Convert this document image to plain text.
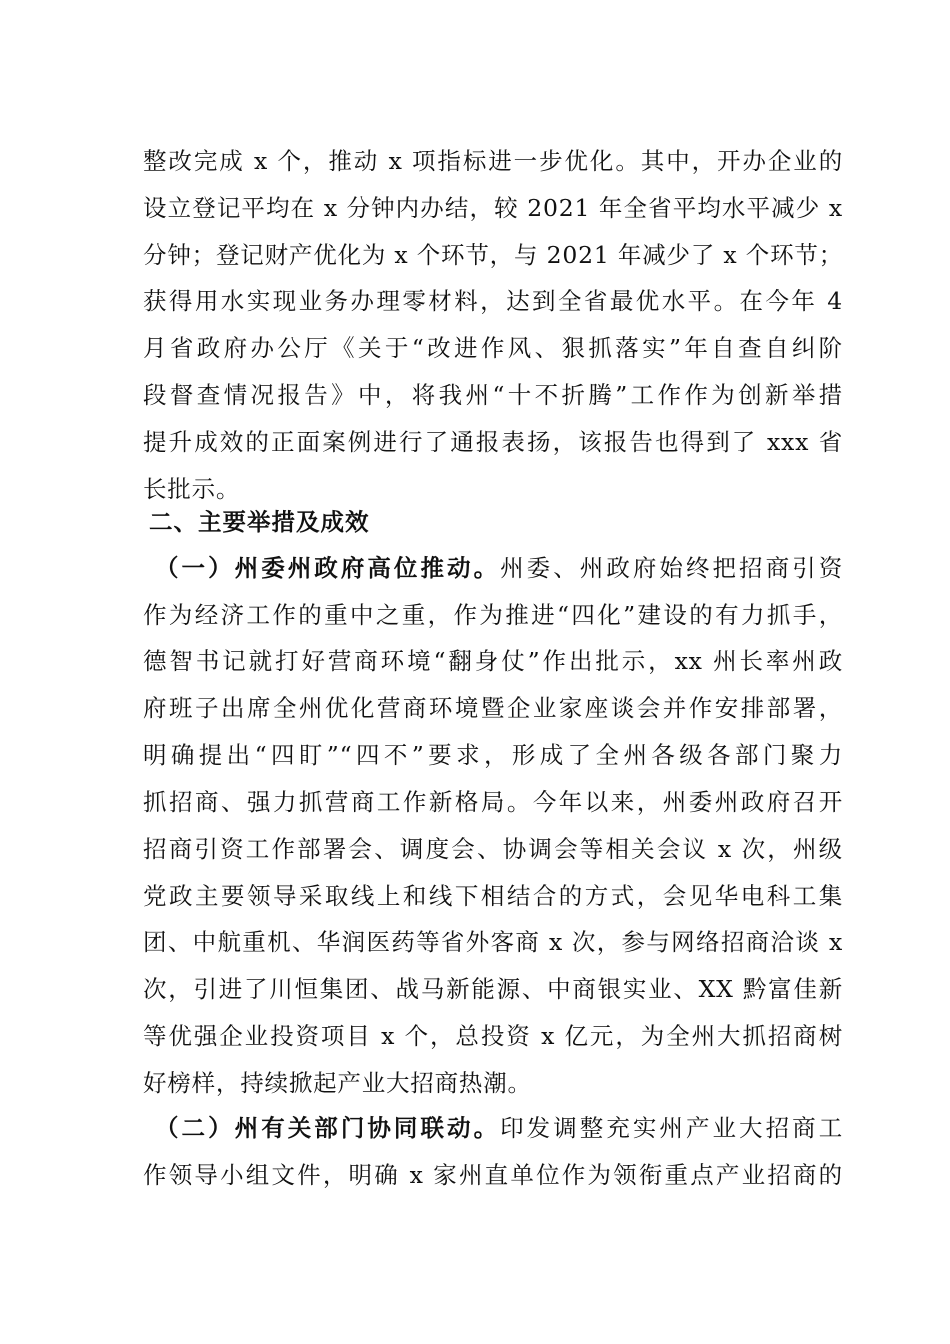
整改完成 x 个，推动 x 项指标进一步优化。其中，开办企业的
设立登记平均在 x 分钟内办结，较 2021 年全省平均水平减少 x
分钟；登记财产优化为 x 个环节，与 2021 年减少了 x 个环节；
获得用水实现业务办理零材料，达到全省最优水平。在今年 4
月省政府办公厅《关于“改进作风、狠抓落实”年自查自纠阶
段督查情况报告》中，将我州“十不折腾”工作作为创新举措
提升成效的正面案例进行了通报表扬，该报告也得到了 xxx 省
长批示。
二、主要举措及成效
（一）州委州政府高位推动。州委、州政府始终把招商引资
作为经济工作的重中之重，作为推进“四化”建设的有力抓手，
德智书记就打好营商环境“翻身仗”作出批示，xx 州长率州政
府班子出席全州优化营商环境暨企业家座谈会并作安排部署，
明确提出“四盯”“四不”要求，形成了全州各级各部门聚力
抓招商、强力抓营商工作新格局。今年以来，州委州政府召开
招商引资工作部署会、调度会、协调会等相关会议 x 次，州级
党政主要领导采取线上和线下相结合的方式，会见华电科工集
团、中航重机、华润医药等省外客商 x 次，参与网络招商洽谈 x
次，引进了川恒集团、战马新能源、中商银实业、XX 黔富佳新
等优强企业投资项目 x 个，总投资 x 亿元，为全州大抓招商树
好榜样，持续掀起产业大招商热潮。
（二）州有关部门协同联动。印发调整充实州产业大招商工
作领导小组文件，明确 x 家州直单位作为领衔重点产业招商的
